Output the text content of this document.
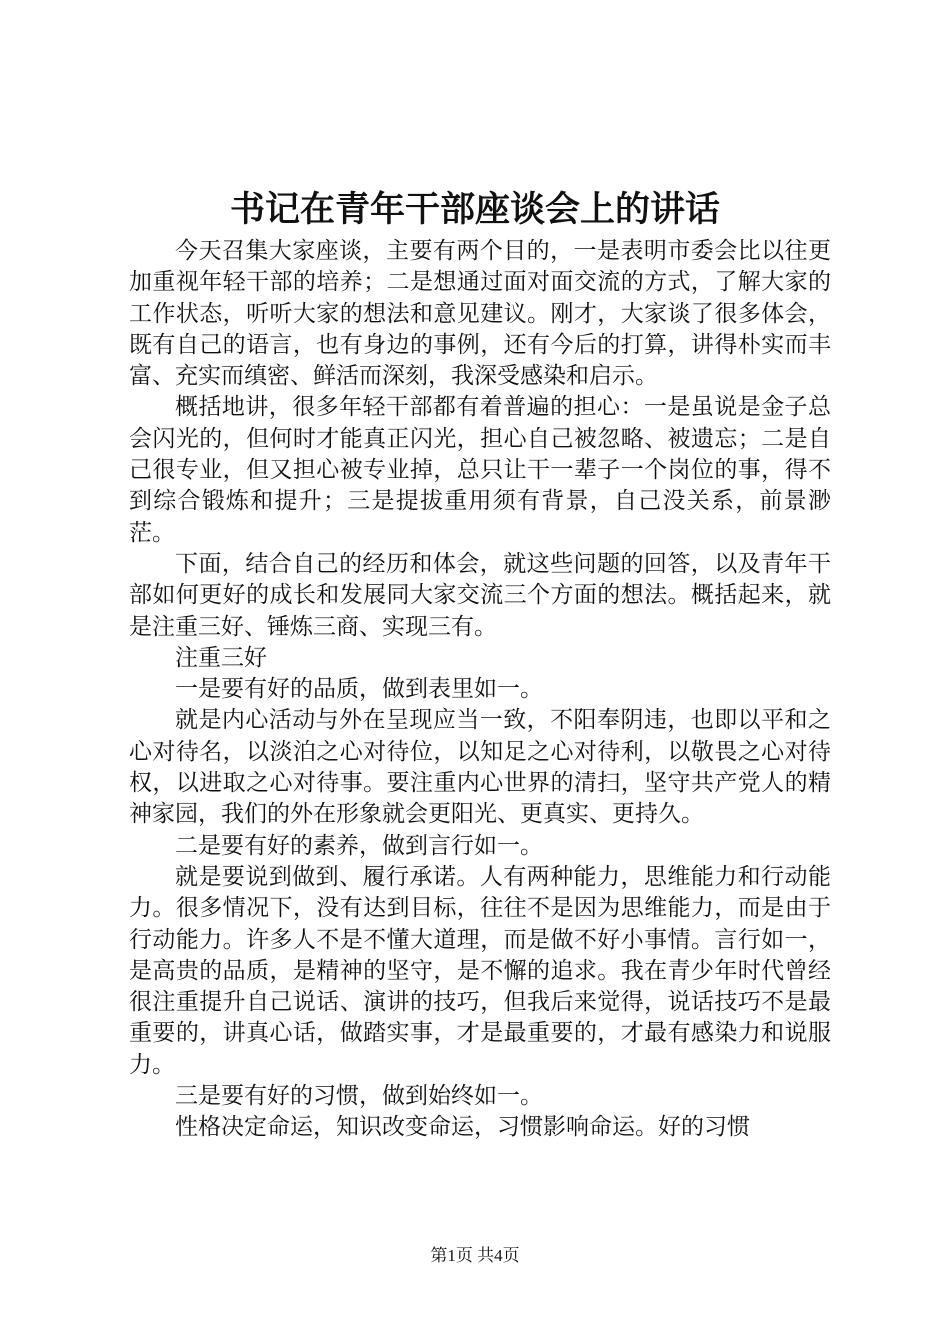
书记在青年干部座谈会上的讲话

今天召集大家座谈，主要有两个目的，一是表明市委会比以往更加重视年轻干部的培养；二是想通过面对面交流的方式，了解大家的工作状态，听听大家的想法和意见建议。刚才，大家谈了很多体会，既有自己的语言，也有身边的事例，还有今后的打算，讲得朴实而丰富、充实而缜密、鲜活而深刻，我深受感染和启示。

概括地讲，很多年轻干部都有着普遍的担心：一是虽说是金子总会闪光的，但何时才能真正闪光，担心自己被忽略、被遗忘；二是自己很专业，但又担心被专业掉，总只让干一辈子一个岗位的事，得不到综合锻炼和提升；三是提拔重用须有背景，自己没关系，前景渺茫。

下面，结合自己的经历和体会，就这些问题的回答，以及青年干部如何更好的成长和发展同大家交流三个方面的想法。概括起来，就是注重三好、锤炼三商、实现三有。

注重三好

一是要有好的品质，做到表里如一。

就是内心活动与外在呈现应当一致，不阳奉阴违，也即以平和之心对待名，以淡泊之心对待位，以知足之心对待利，以敬畏之心对待权，以进取之心对待事。要注重内心世界的清扫，坚守共产党人的精神家园，我们的外在形象就会更阳光、更真实、更持久。

二是要有好的素养，做到言行如一。

就是要说到做到、履行承诺。人有两种能力，思维能力和行动能力。很多情况下，没有达到目标，往往不是因为思维能力，而是由于行动能力。许多人不是不懂大道理，而是做不好小事情。言行如一，是高贵的品质，是精神的坚守，是不懈的追求。我在青少年时代曾经很注重提升自己说话、演讲的技巧，但我后来觉得，说话技巧不是最重要的，讲真心话，做踏实事，才是最重要的，才最有感染力和说服力。

三是要有好的习惯，做到始终如一。

性格决定命运，知识改变命运，习惯影响命运。好的习惯

第1页 共4页
